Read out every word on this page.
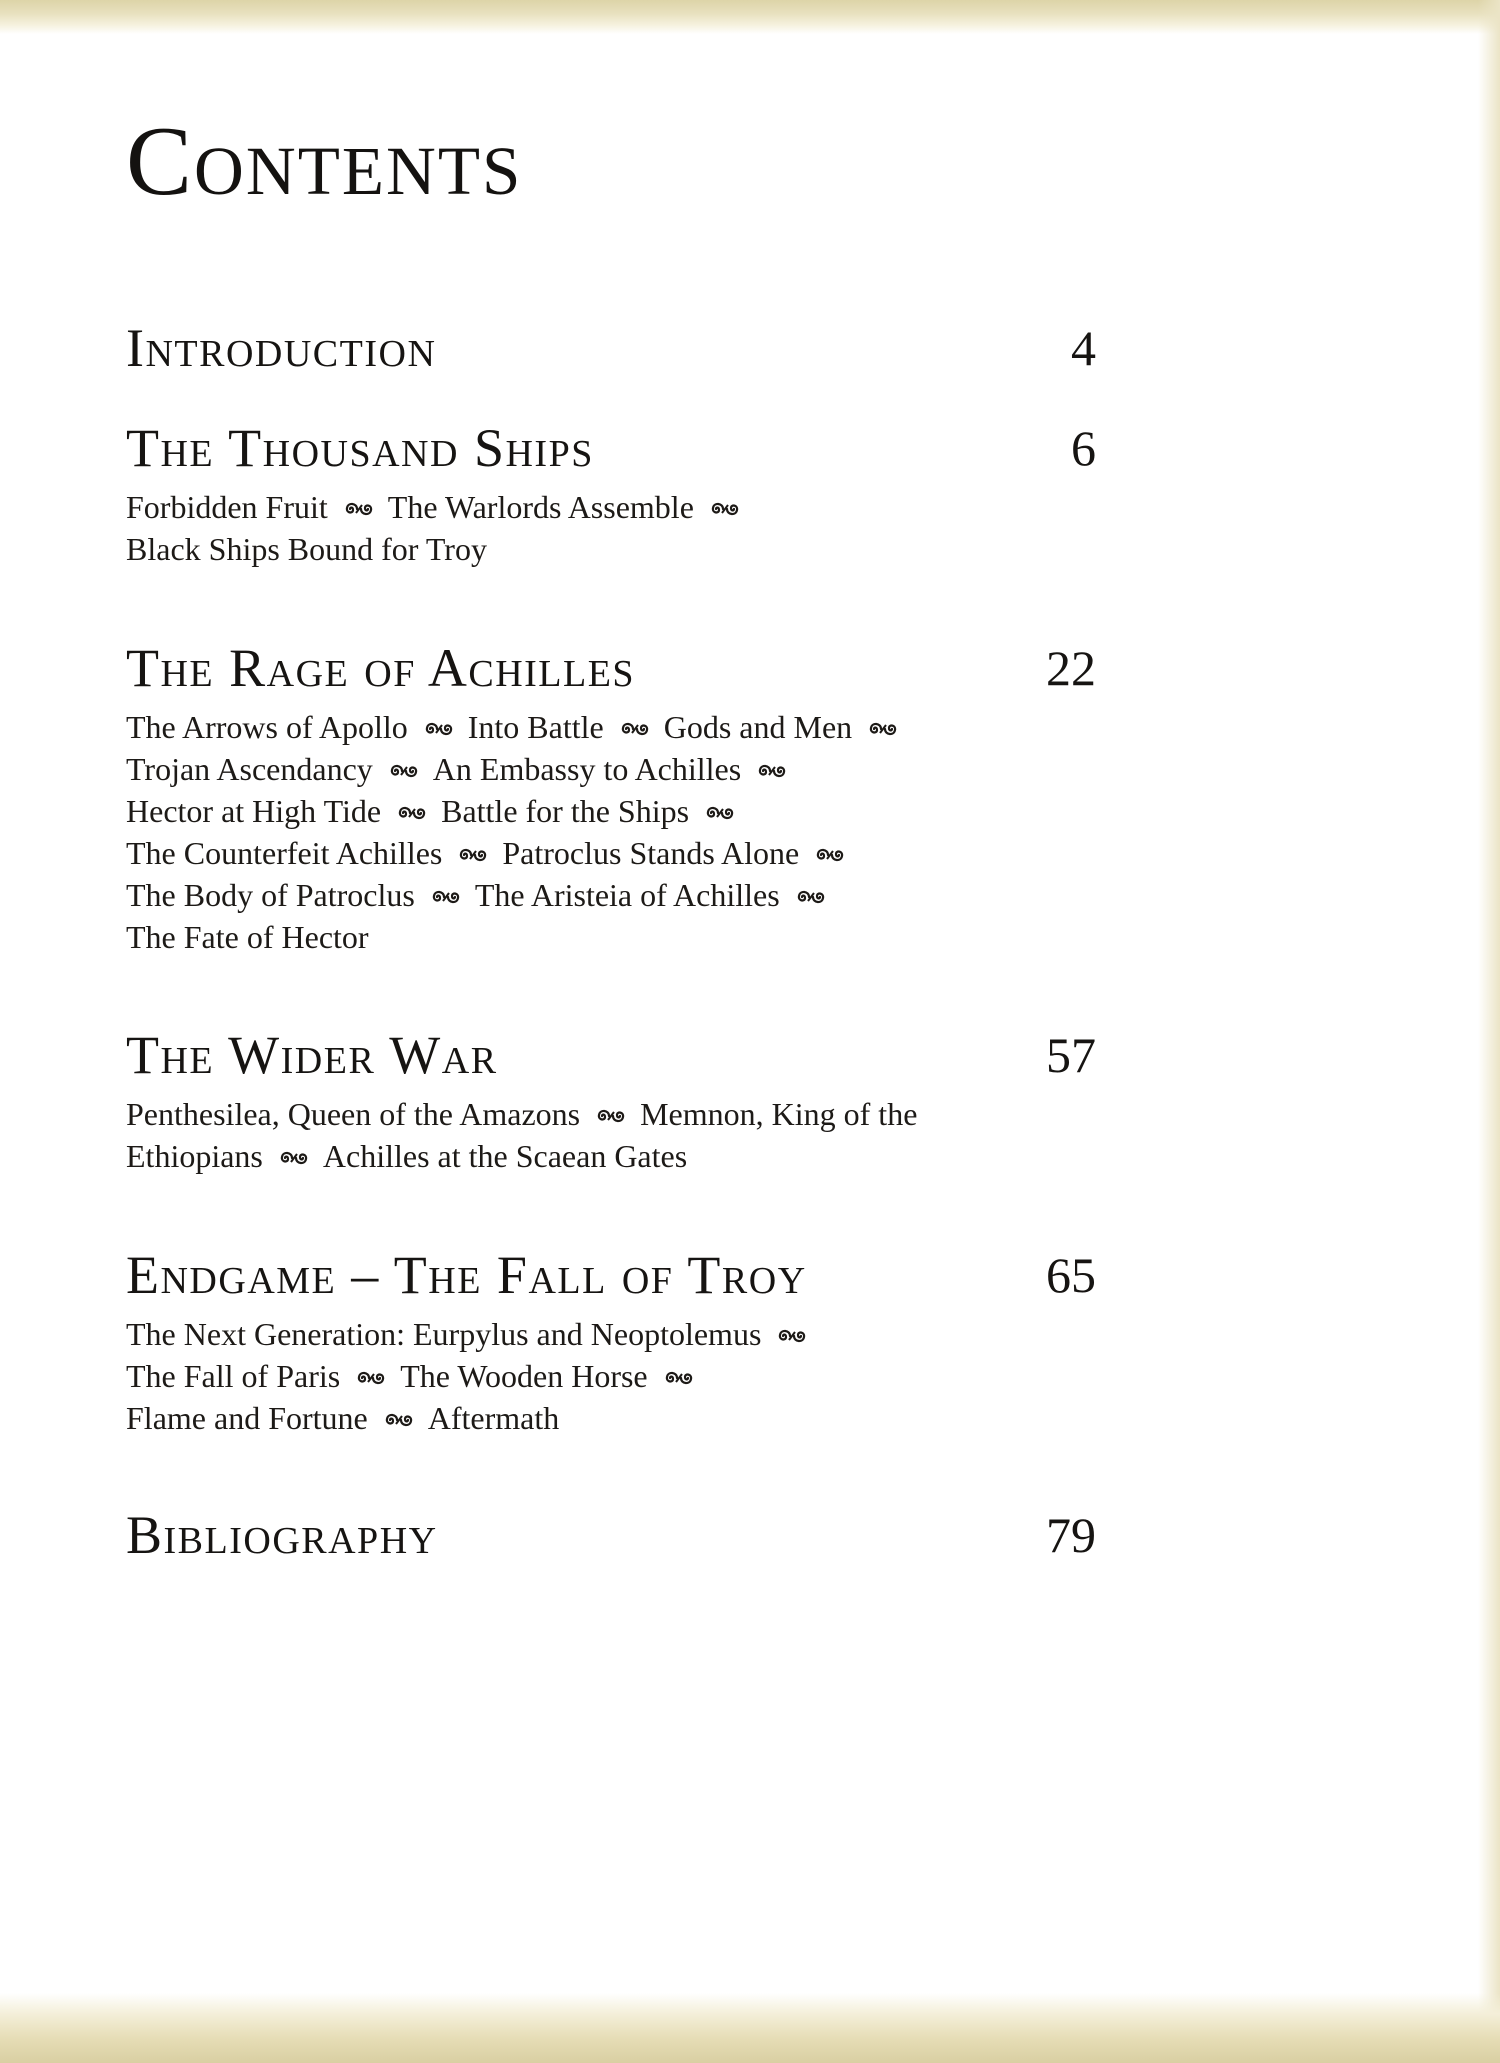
Contents
Introduction	4
The Thousand Ships	6
Forbidden Fruit The Warlords Assemble
Black Ships Bound for Troy
The Rage of Achilles	22
The Arrows of Apollo Into Battle Gods and Men
Trojan Ascendancy An Embassy to Achilles
Hector at High Tide Battle for the Ships
The Counterfeit Achilles Patroclus Stands Alone
The Body of Patroclus The Aristeia of Achilles
The Fate of Hector
The Wider War	57
Penthesilea, Queen of the Amazons Memnon, King of the
Ethiopians Achilles at the Scaean Gates
Endgame – The Fall of Troy	65
The Next Generation: Eurpylus and Neoptolemus
The Fall of Paris The Wooden Horse
Flame and Fortune Aftermath
Bibliography	79
